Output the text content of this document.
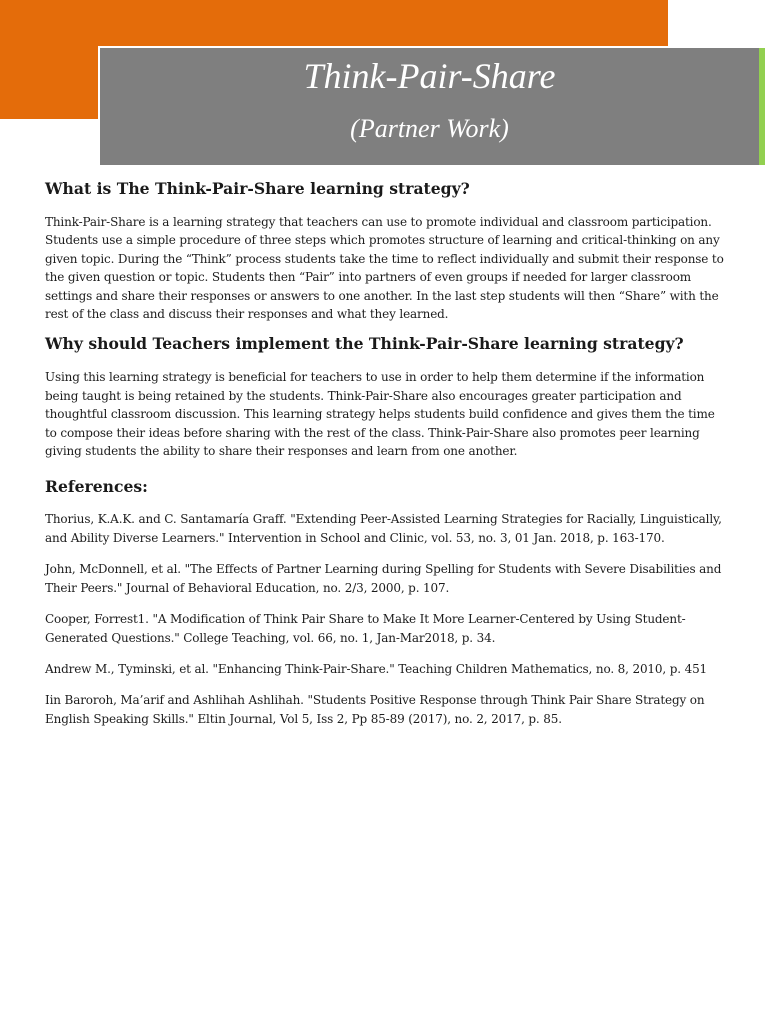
Think-Pair-Share
(Partner Work)
What is The Think-Pair-Share learning strategy?

Think-Pair-Share is a learning strategy that teachers can use to promote individual and classroom participation. Students use a simple procedure of three steps which promotes structure of learning and critical-thinking on any given topic. During the “Think” process students take the time to reflect individually and submit their response to the given question or topic. Students then “Pair” into partners of even groups if needed for larger classroom settings and share their responses or answers to one another. In the last step students will then “Share” with the rest of the class and discuss their responses and what they learned.

Why should Teachers implement the Think-Pair-Share learning strategy?

Using this learning strategy is beneficial for teachers to use in order to help them determine if the information being taught is being retained by the students. Think-Pair-Share also encourages greater participation and thoughtful classroom discussion. This learning strategy helps students build confidence and gives them the time to compose their ideas before sharing with the rest of the class. Think-Pair-Share also promotes peer learning giving students the ability to share their responses and learn from one another.

References:

Thorius, K.A.K. and C. Santamaría Graff. "Extending Peer-Assisted Learning Strategies for Racially, Linguistically, and Ability Diverse Learners." Intervention in School and Clinic, vol. 53, no. 3, 01 Jan. 2018, p. 163-170.

John, McDonnell, et al. "The Effects of Partner Learning during Spelling for Students with Severe Disabilities and Their Peers." Journal of Behavioral Education, no. 2/3, 2000, p. 107.

Cooper, Forrest1. "A Modification of Think Pair Share to Make It More Learner-Centered by Using Student-Generated Questions." College Teaching, vol. 66, no. 1, Jan-Mar2018, p. 34.

Andrew M., Tyminski, et al. "Enhancing Think-Pair-Share." Teaching Children Mathematics, no. 8, 2010, p. 451

Iin Baroroh, Ma’arif and Ashlihah Ashlihah. "Students Positive Response through Think Pair Share Strategy on English Speaking Skills." Eltin Journal, Vol 5, Iss 2, Pp 85-89 (2017), no. 2, 2017, p. 85.
